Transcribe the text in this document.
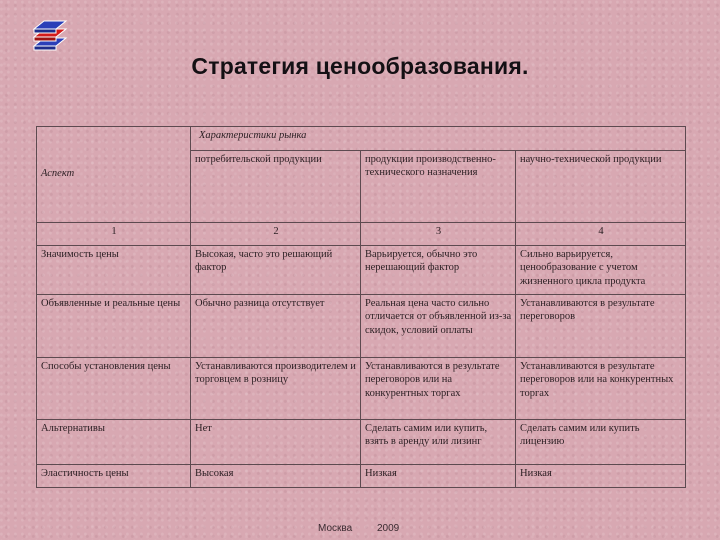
Стратегия ценообразования.
Аспект	Характеристики рынка		
	потребительской продукции	продукции производственно-технического назначения	научно-технической продукции
1	2	3	4
Значимость цены	Высокая, часто это решающий фактор	Варьируется, обычно это нерешающий фактор	Сильно варьируется, ценообразование с учетом жизненного цикла продукта
Объявленные и реальные цены	Обычно разница отсутствует	Реальная цена часто сильно отличается от объявленной из-за скидок, условий оплаты	Устанавливаются в результате переговоров
Способы установления цены	Устанавливаются производителем и торговцем в розницу	Устанавливаются в результате переговоров или на конкурентных торгах	Устанавливаются в результате переговоров или на конкурентных торгах
Альтернативы	Нет	Сделать самим или купить, взять в аренду или лизинг	Сделать самим или купить лицензию
Эластичность цены	Высокая	Низкая	Низкая
Москва 2009
